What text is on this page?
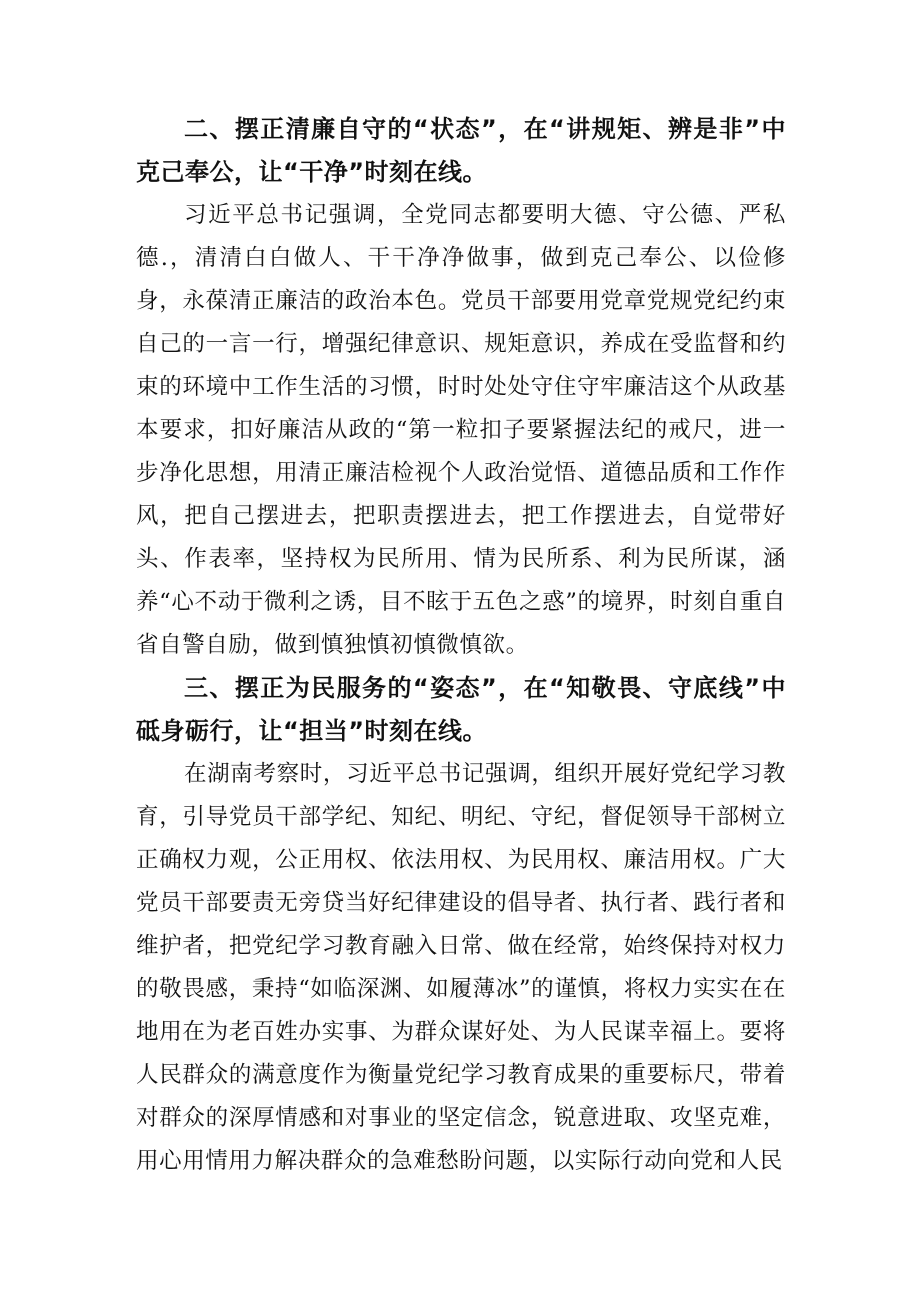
二、摆正清廉自守的“状态”，在“讲规矩、辨是非”中克己奉公，让“干净”时刻在线。

习近平总书记强调，全党同志都要明大德、守公德、严私德.，清清白白做人、干干净净做事，做到克己奉公、以俭修身，永葆清正廉洁的政治本色。党员干部要用党章党规党纪约束自己的一言一行，增强纪律意识、规矩意识，养成在受监督和约束的环境中工作生活的习惯，时时处处守住守牢廉洁这个从政基本要求，扣好廉洁从政的“第一粒扣子要紧握法纪的戒尺，进一步净化思想，用清正廉洁检视个人政治觉悟、道德品质和工作作风，把自己摆进去，把职责摆进去，把工作摆进去，自觉带好头、作表率，坚持权为民所用、情为民所系、利为民所谋，涵养“心不动于微利之诱，目不眩于五色之惑”的境界，时刻自重自省自警自励，做到慎独慎初慎微慎欲。

三、摆正为民服务的“姿态”，在“知敬畏、守底线”中砥身砺行，让“担当”时刻在线。

在湖南考察时，习近平总书记强调，组织开展好党纪学习教育，引导党员干部学纪、知纪、明纪、守纪，督促领导干部树立正确权力观，公正用权、依法用权、为民用权、廉洁用权。广大党员干部要责无旁贷当好纪律建设的倡导者、执行者、践行者和维护者，把党纪学习教育融入日常、做在经常，始终保持对权力的敬畏感，秉持“如临深渊、如履薄冰”的谨慎，将权力实实在在地用在为老百姓办实事、为群众谋好处、为人民谋幸福上。要将人民群众的满意度作为衡量党纪学习教育成果的重要标尺，带着对群众的深厚情感和对事业的坚定信念，锐意进取、攻坚克难，用心用情用力解决群众的急难愁盼问题，以实际行动向党和人民
